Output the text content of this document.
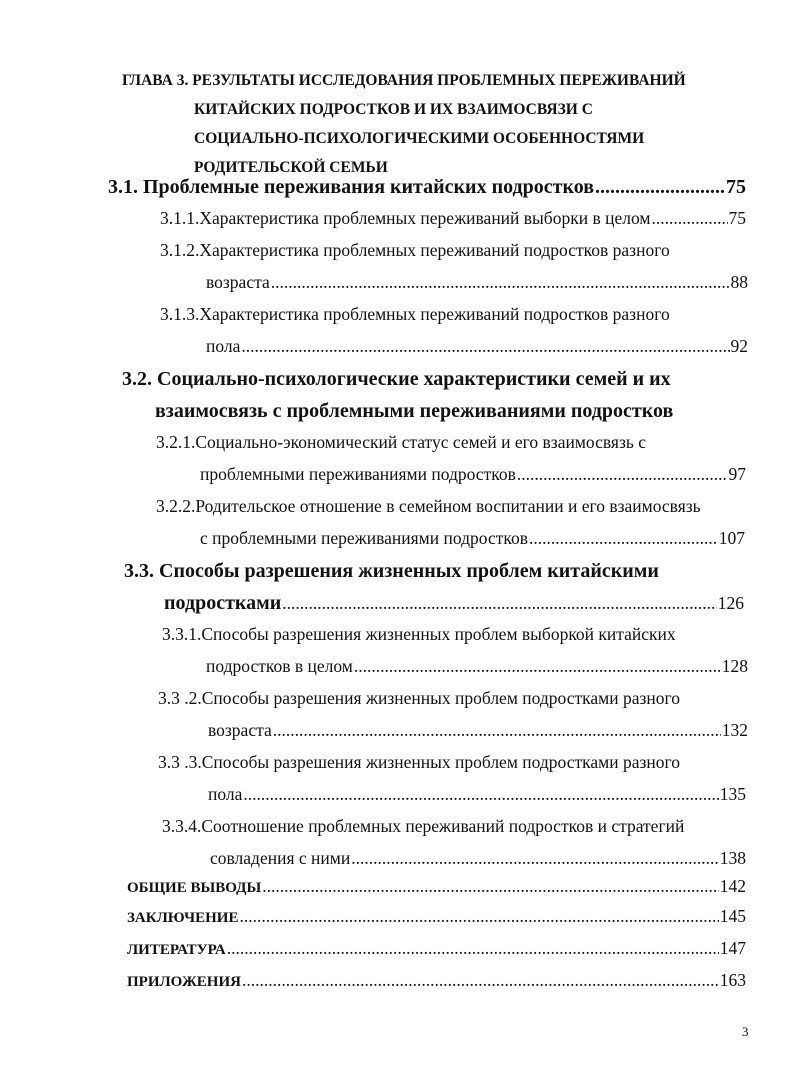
ГЛАВА 3. РЕЗУЛЬТАТЫ ИССЛЕДОВАНИЯ ПРОБЛЕМНЫХ ПЕРЕЖИВАНИЙ
КИТАЙСКИХ ПОДРОСТКОВ И ИХ ВЗАИМОСВЯЗИ С
СОЦИАЛЬНО-ПСИХОЛОГИЧЕСКИМИ ОСОБЕННОСТЯМИ
РОДИТЕЛЬСКОЙ СЕМЬИ
3.1. Проблемные переживания китайских подростков .....	75
3.1.1.Характеристика проблемных переживаний выборки в целом .....	75
3.1.2.Характеристика проблемных переживаний подростков разного
возраста .....	88
3.1.3.Характеристика проблемных переживаний подростков разного
пола .....	92
3.2. Социально-психологические характеристики семей и их
взаимосвязь с проблемными переживаниями подростков
3.2.1.Социально-экономический статус семей и его взаимосвязь с
проблемными переживаниями подростков .....	97
3.2.2.Родительское отношение в семейном воспитании и его взаимосвязь
с проблемными переживаниями подростков .....	107
3.3. Способы разрешения жизненных проблем китайскими
подростками .....	126
3.3.1.Способы разрешения жизненных проблем выборкой китайских
подростков в целом .....	128
3.3 .2.Способы разрешения жизненных проблем подростками разного
возраста .....	132
3.3 .3.Способы разрешения жизненных проблем подростками разного
пола .....	135
3.3.4.Соотношение проблемных переживаний подростков и стратегий
совладения с ними .....	138
ОБЩИЕ ВЫВОДЫ .....	142
ЗАКЛЮЧЕНИЕ .....	145
ЛИТЕРАТУРА .....	147
ПРИЛОЖЕНИЯ .....	163
3
